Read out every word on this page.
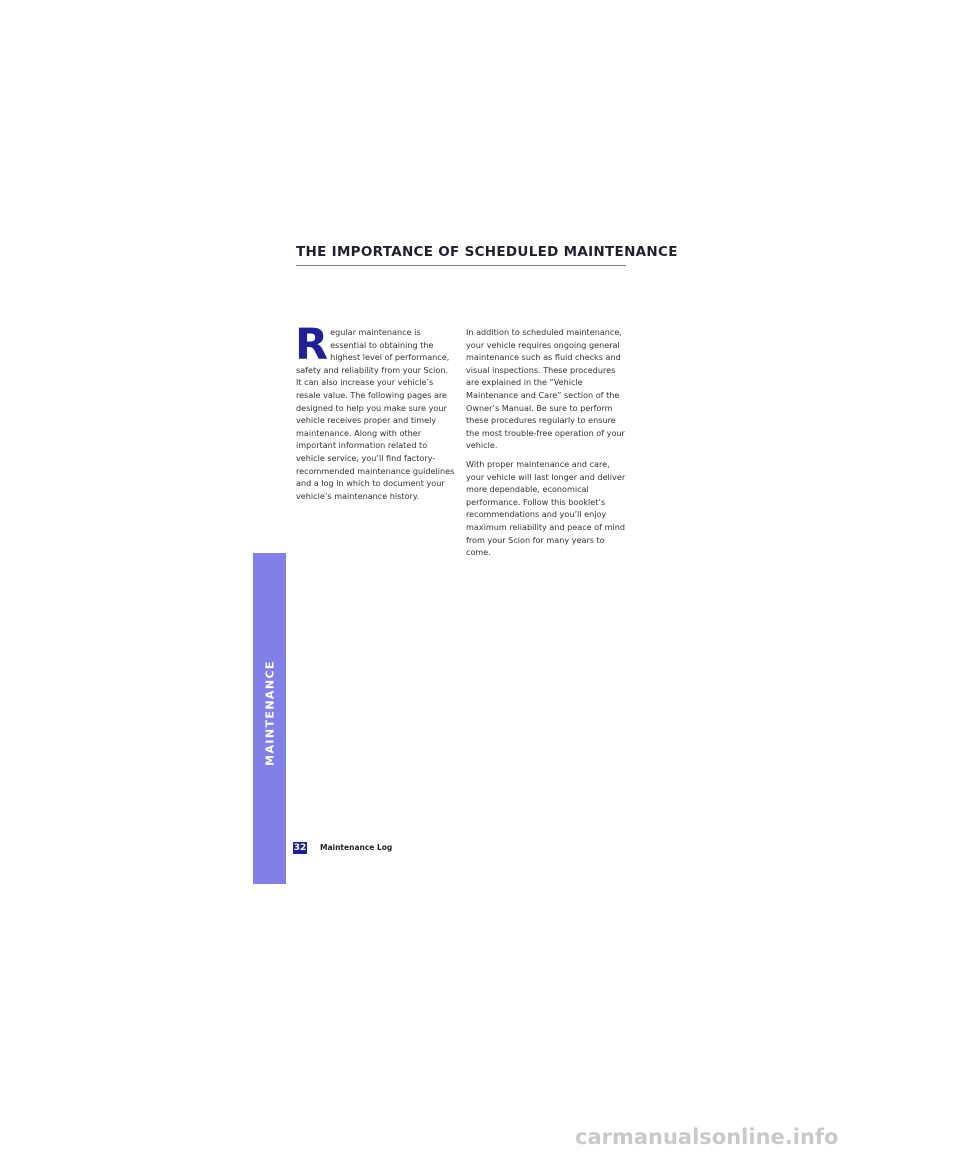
MAINTENANCE
THE IMPORTANCE OF SCHEDULED MAINTENANCE

Regular maintenance is essential to obtaining the highest level of performance, safety and reliability from your Scion. It can also increase your vehicle’s resale value. The following pages are designed to help you make sure your vehicle receives proper and timely maintenance. Along with other important information related to vehicle service, you’ll find factory-recommended maintenance guidelines and a log in which to document your vehicle’s maintenance history.

In addition to scheduled maintenance, your vehicle requires ongoing general maintenance such as fluid checks and visual inspections. These procedures are explained in the “Vehicle Maintenance and Care” section of the Owner’s Manual. Be sure to perform these procedures regularly to ensure the most trouble-free operation of your vehicle.

With proper maintenance and care, your vehicle will last longer and deliver more dependable, economical performance. Follow this booklet’s recommendations and you’ll enjoy maximum reliability and peace of mind from your Scion for many years to come.

32 Maintenance Log
carmanualsonline.info
